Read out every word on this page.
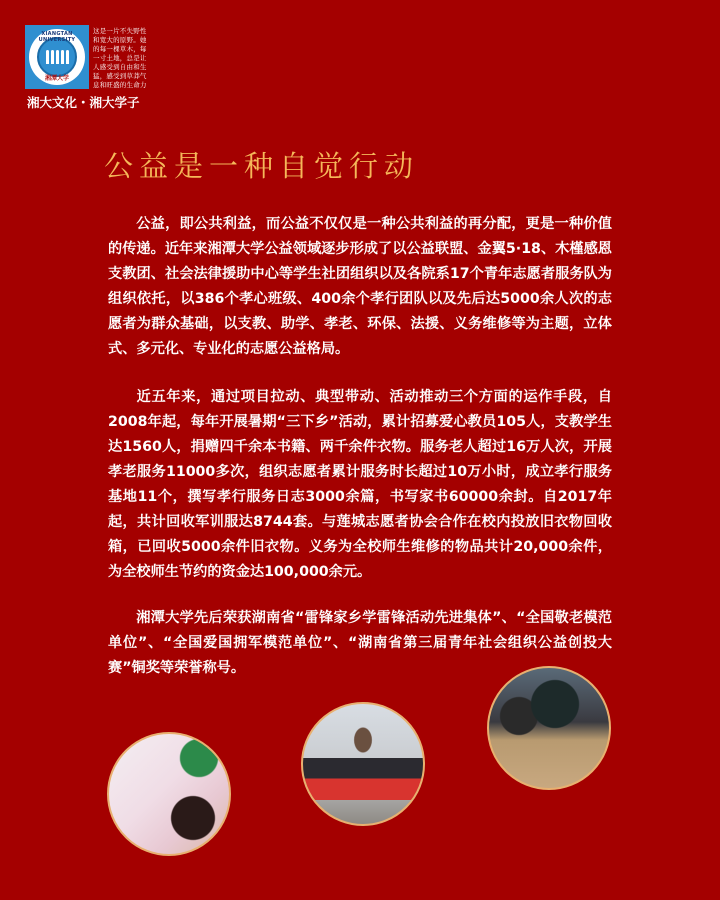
XIANGTAN UNIVERSITY
湘潭大学
这是一片不失野性
和宽大的原野。她
的每一棵草木，每
一寸土地，总是让
人感受到自由和生
猛，感受到草莽气
息和旺盛的生命力
湘大文化・湘大学子
公益是一种自觉行动
公益，即公共利益，而公益不仅仅是一种公共利益的再分配，更是一种价值的传递。近年来湘潭大学公益领域逐步形成了以公益联盟、金翼5·18、木槿感恩支教团、社会法律援助中心等学生社团组织以及各院系17个青年志愿者服务队为组织依托，以386个孝心班级、400余个孝行团队以及先后达5000余人次的志愿者为群众基础，以支教、助学、孝老、环保、法援、义务维修等为主题，立体式、多元化、专业化的志愿公益格局。
近五年来，通过项目拉动、典型带动、活动推动三个方面的运作手段，自2008年起，每年开展暑期“三下乡”活动，累计招募爱心教员105人，支教学生达1560人，捐赠四千余本书籍、两千余件衣物。服务老人超过16万人次，开展孝老服务11000多次，组织志愿者累计服务时长超过10万小时，成立孝行服务基地11个，撰写孝行服务日志3000余篇，书写家书60000余封。自2017年起，共计回收军训服达8744套。与莲城志愿者协会合作在校内投放旧衣物回收箱，已回收5000余件旧衣物。义务为全校师生维修的物品共计20,000余件，为全校师生节约的资金达100,000余元。
湘潭大学先后荣获湖南省“雷锋家乡学雷锋活动先进集体”、“全国敬老模范单位”、“全国爱国拥军模范单位”、“湖南省第三届青年社会组织公益创投大赛”铜奖等荣誉称号。
